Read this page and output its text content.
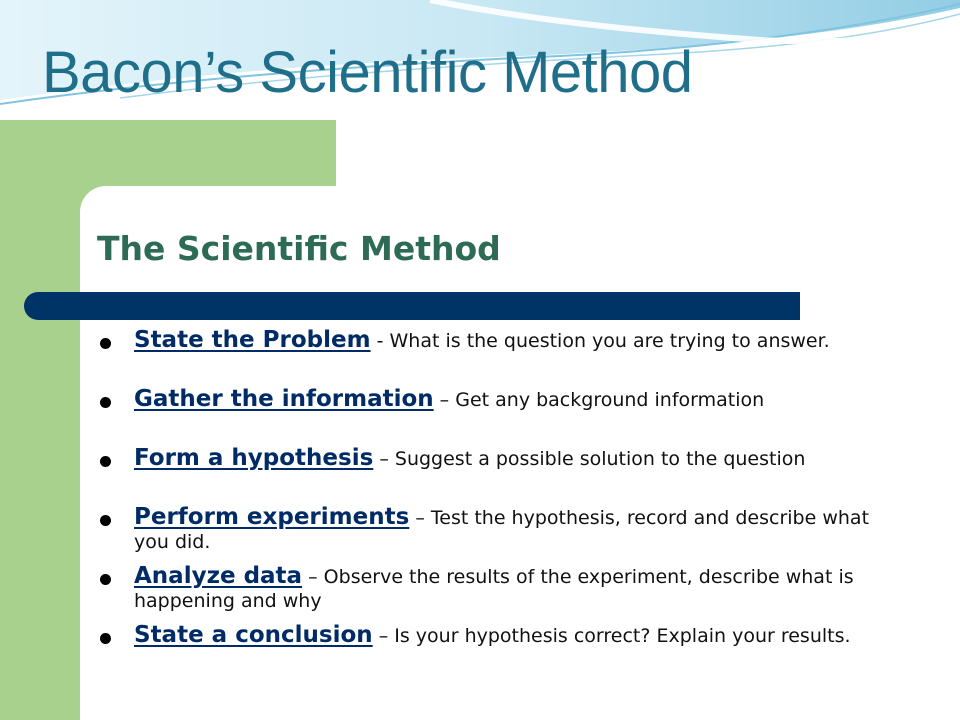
Bacon’s Scientific Method
The Scientific Method
State the Problem - What is the question you are trying to answer.
Gather the information – Get any background information
Form a hypothesis – Suggest a possible solution to the question
Perform experiments – Test the hypothesis, record and describe what you did.
Analyze data – Observe the results of the experiment, describe what is happening and why
State a conclusion – Is your hypothesis correct? Explain your results.
